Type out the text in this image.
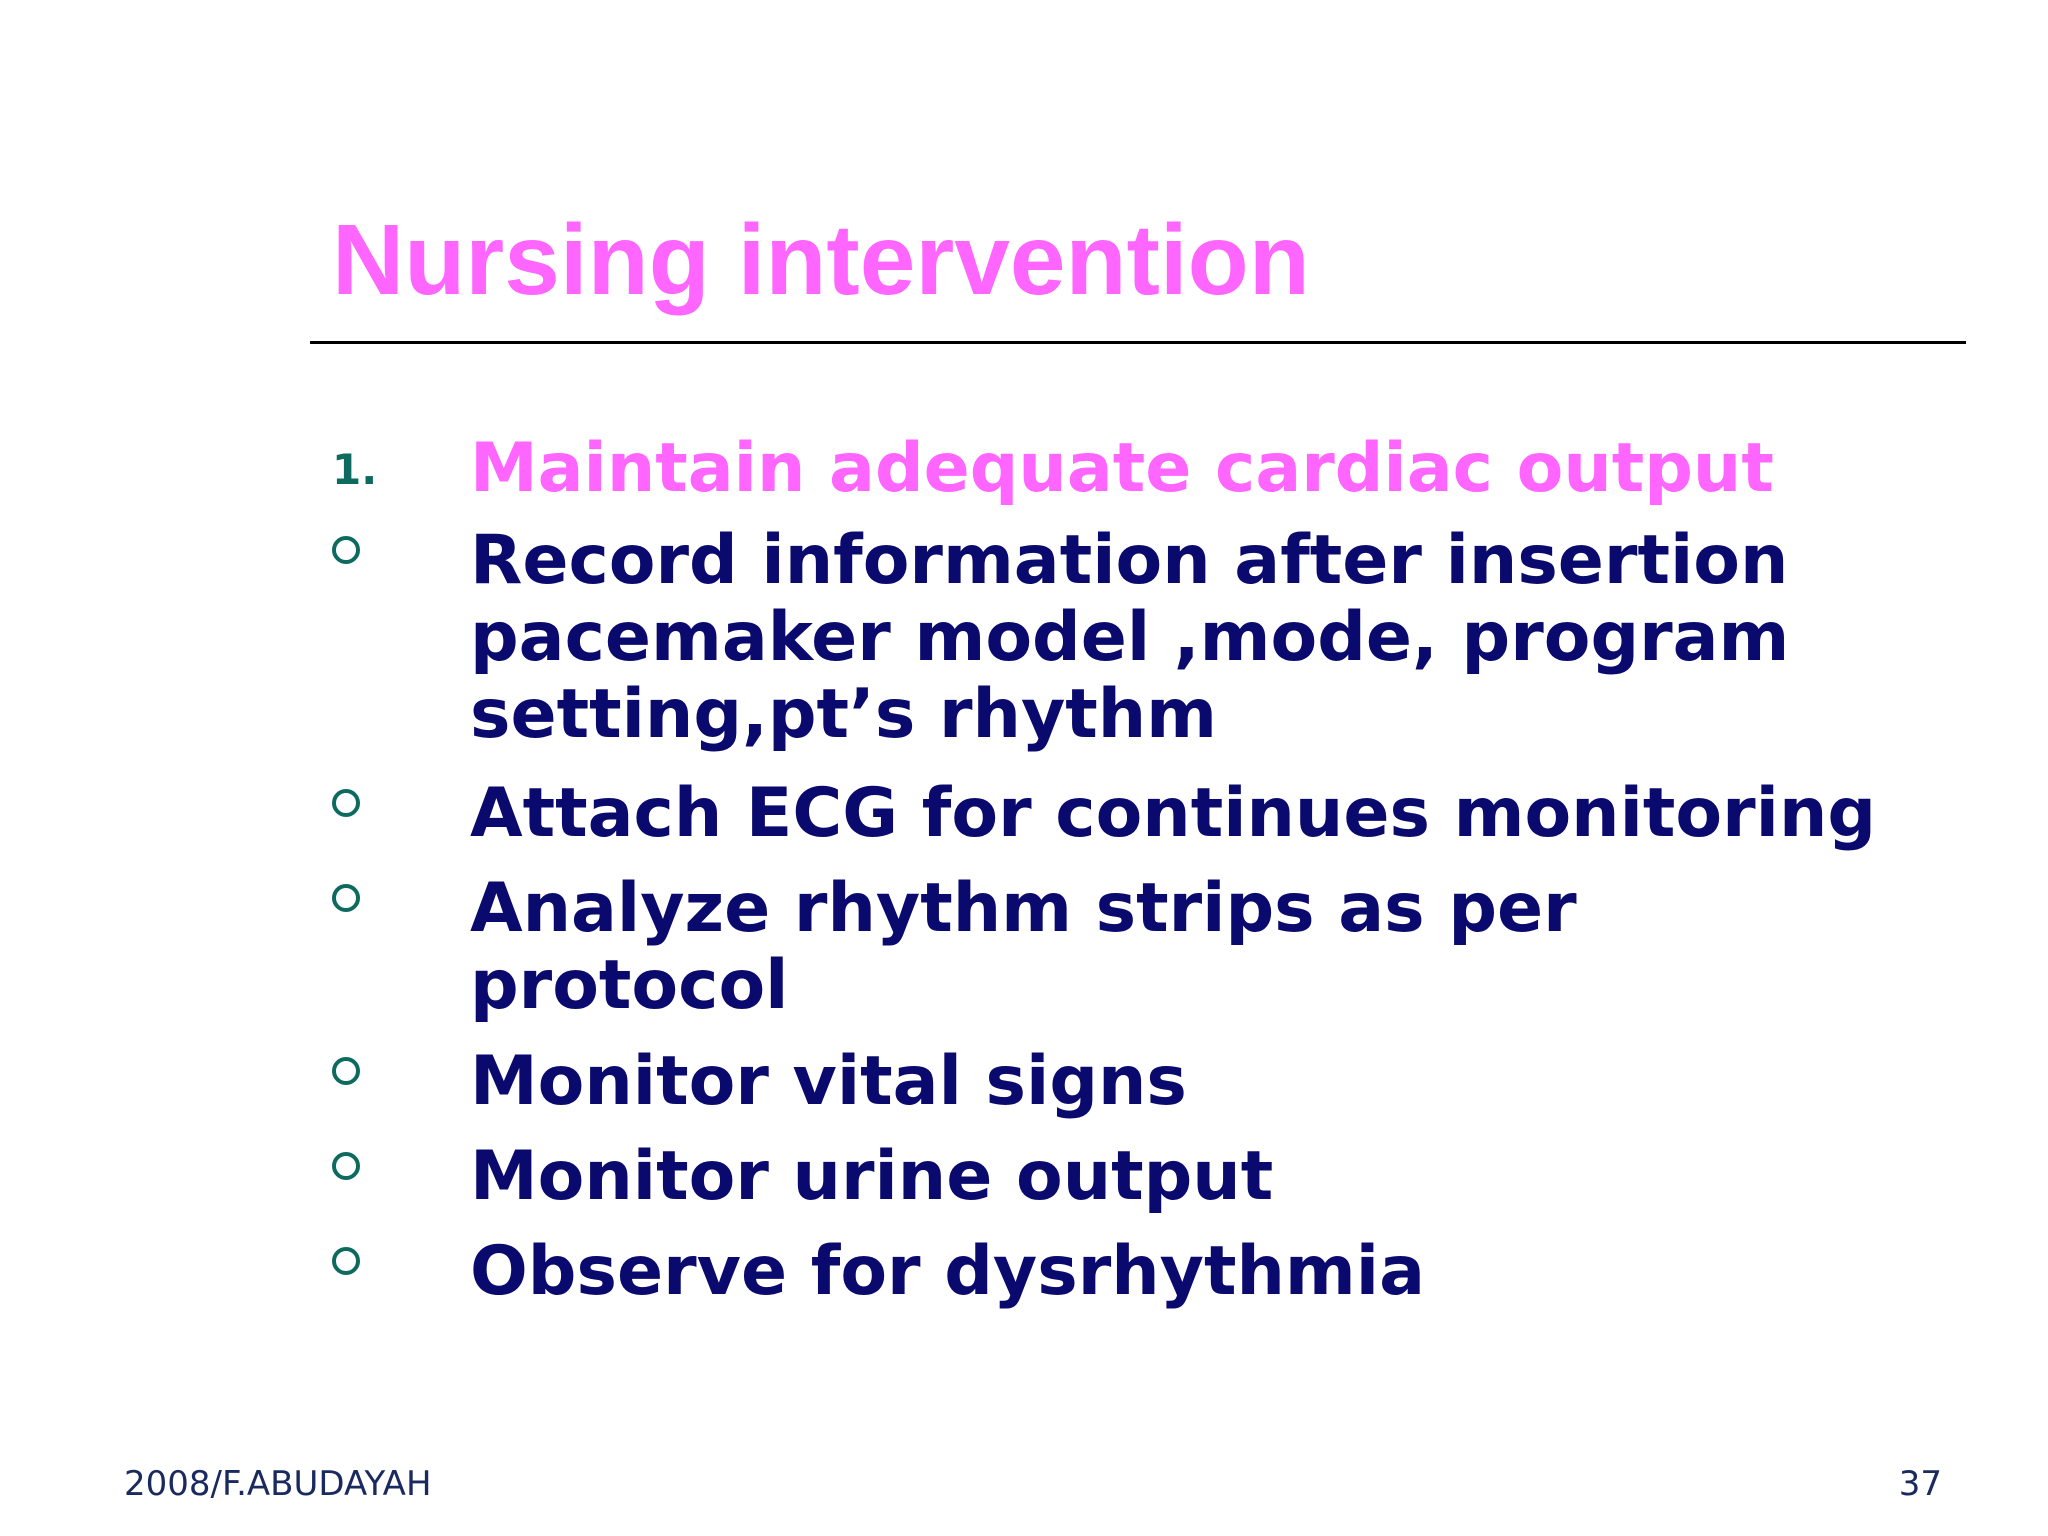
Nursing intervention
1. Maintain adequate cardiac output
Record information after insertion
pacemaker model ,mode, program
setting,pt’s rhythm
Attach ECG for continues monitoring
Analyze rhythm strips as per
protocol
Monitor vital signs
Monitor urine output
Observe for dysrhythmia
2008/F.ABUDAYAH	37
